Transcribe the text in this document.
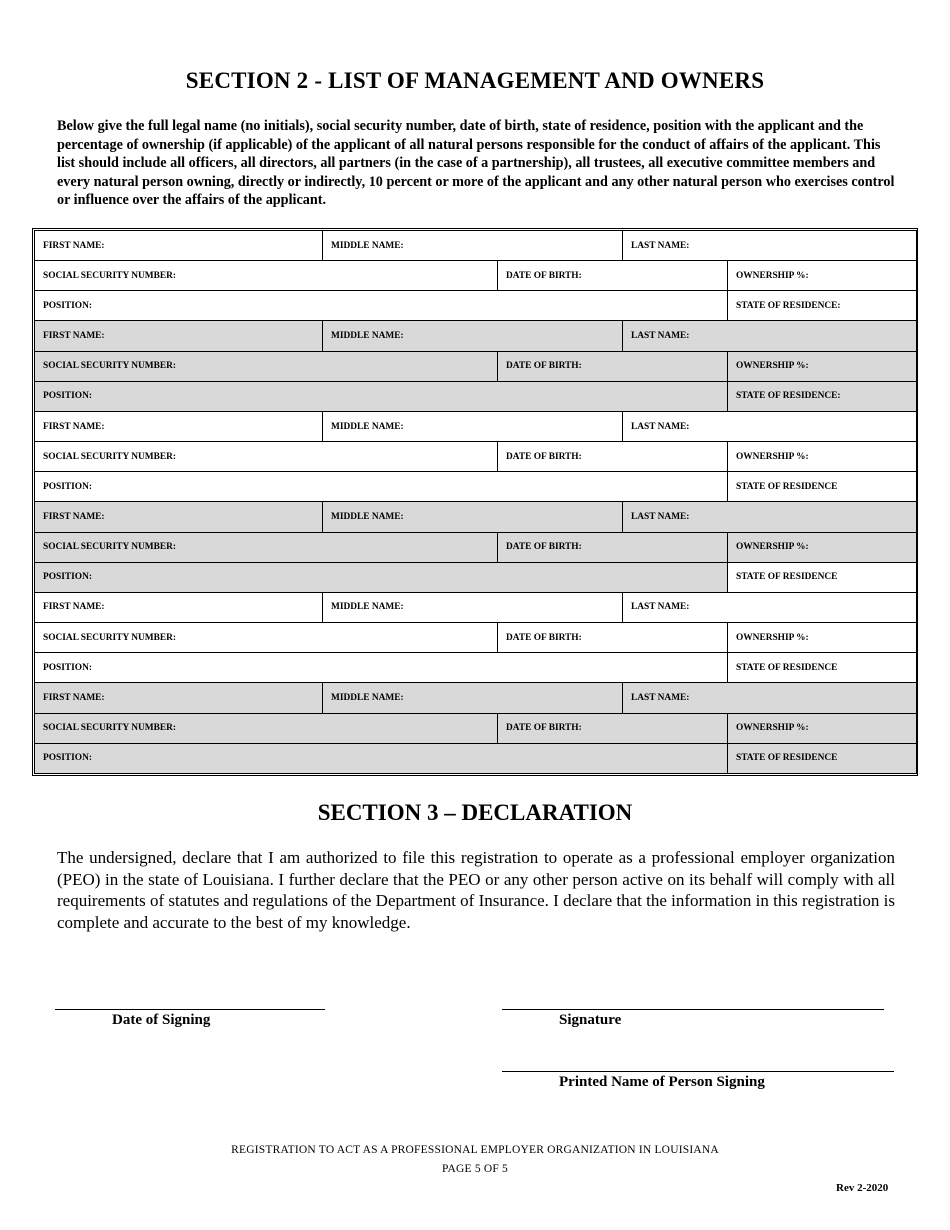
SECTION 2 - LIST OF MANAGEMENT AND OWNERS
Below give the full legal name (no initials), social security number, date of birth, state of residence, position with the applicant and the percentage of ownership (if applicable) of the applicant of all natural persons responsible for the conduct of affairs of the applicant. This list should include all officers, all directors, all partners (in the case of a partnership), all trustees, all executive committee members and every natural person owning, directly or indirectly, 10 percent or more of the applicant and any other natural person who exercises control or influence over the affairs of the applicant.
FIRST NAME:	MIDDLE NAME:		LAST NAME:	
SOCIAL SECURITY NUMBER:		DATE OF BIRTH:		OWNERSHIP %:
POSITION:				STATE OF RESIDENCE:
FIRST NAME:	MIDDLE NAME:		LAST NAME:	
SOCIAL SECURITY NUMBER:		DATE OF BIRTH:		OWNERSHIP %:
POSITION:				STATE OF RESIDENCE:
FIRST NAME:	MIDDLE NAME:		LAST NAME:	
SOCIAL SECURITY NUMBER:		DATE OF BIRTH:		OWNERSHIP %:
POSITION:				STATE OF RESIDENCE
FIRST NAME:	MIDDLE NAME:		LAST NAME:	
SOCIAL SECURITY NUMBER:		DATE OF BIRTH:		OWNERSHIP %:
POSITION:				STATE OF RESIDENCE
FIRST NAME:	MIDDLE NAME:		LAST NAME:	
SOCIAL SECURITY NUMBER:		DATE OF BIRTH:		OWNERSHIP %:
POSITION:				STATE OF RESIDENCE
FIRST NAME:	MIDDLE NAME:		LAST NAME:	
SOCIAL SECURITY NUMBER:		DATE OF BIRTH:		OWNERSHIP %:
POSITION:				STATE OF RESIDENCE
SECTION 3 – DECLARATION
The undersigned, declare that I am authorized to file this registration to operate as a professional employer organization (PEO) in the state of Louisiana. I further declare that the PEO or any other person active on its behalf will comply with all requirements of statutes and regulations of the Department of Insurance. I declare that the information in this registration is complete and accurate to the best of my knowledge.
Date of Signing	Signature
Printed Name of Person Signing
REGISTRATION TO ACT AS A PROFESSIONAL EMPLOYER ORGANIZATION IN LOUISIANA
PAGE 5 OF 5
Rev 2-2020
